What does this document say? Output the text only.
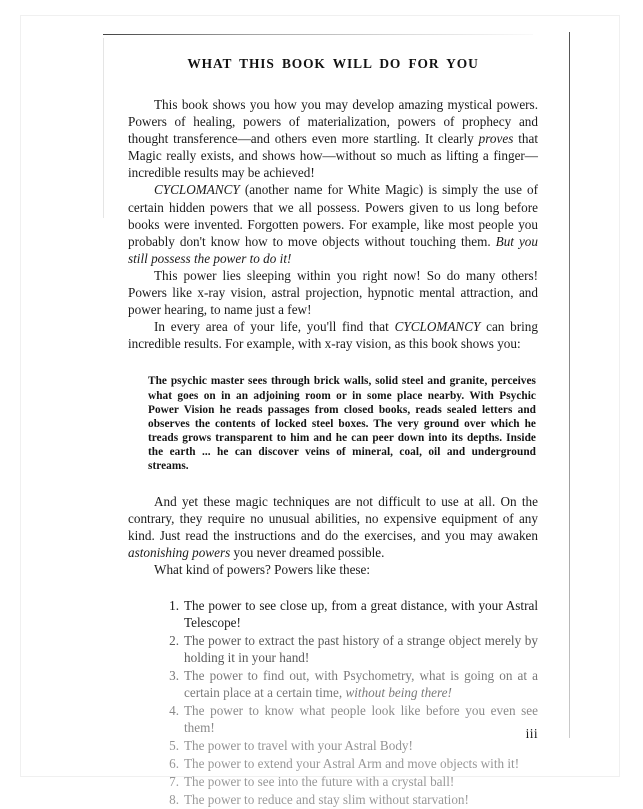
WHAT THIS BOOK WILL DO FOR YOU

This book shows you how you may develop amazing mystical powers. Powers of healing, powers of materialization, powers of prophecy and thought transference—and others even more startling. It clearly proves that Magic really exists, and shows how—without so much as lifting a finger—incredible results may be achieved!

CYCLOMANCY (another name for White Magic) is simply the use of certain hidden powers that we all possess. Powers given to us long before books were invented. Forgotten powers. For example, like most people you probably don't know how to move objects without touching them. But you still possess the power to do it!

This power lies sleeping within you right now! So do many others! Powers like x-ray vision, astral projection, hypnotic mental attraction, and power hearing, to name just a few!

In every area of your life, you'll find that CYCLOMANCY can bring incredible results. For example, with x-ray vision, as this book shows you:

The psychic master sees through brick walls, solid steel and granite, perceives what goes on in an adjoining room or in some place nearby. With Psychic Power Vision he reads passages from closed books, reads sealed letters and observes the contents of locked steel boxes. The very ground over which he treads grows transparent to him and he can peer down into its depths. Inside the earth ... he can discover veins of mineral, coal, oil and underground streams.

And yet these magic techniques are not difficult to use at all. On the contrary, they require no unusual abilities, no expensive equipment of any kind. Just read the instructions and do the exercises, and you may awaken astonishing powers you never dreamed possible.

What kind of powers? Powers like these:

The power to see close up, from a great distance, with your Astral Telescope!
The power to extract the past history of a strange object merely by holding it in your hand!
The power to find out, with Psychometry, what is going on at a certain place at a certain time, without being there!
The power to know what people look like before you even see them!
The power to travel with your Astral Body!
The power to extend your Astral Arm and move objects with it!
The power to see into the future with a crystal ball!
The power to reduce and stay slim without starvation!
iii
